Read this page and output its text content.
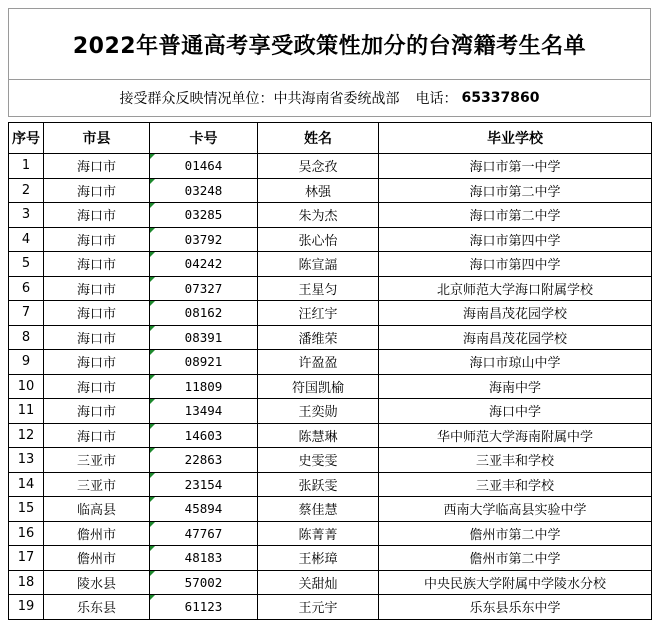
2022年普通高考享受政策性加分的台湾籍考生名单
接受群众反映情况单位：中共海南省委统战部 电话： 65337860
序号	市县	卡号	姓名	毕业学校
1	海口市	01464	吴念孜	海口市第一中学
2	海口市	03248	林强	海口市第二中学
3	海口市	03285	朱为杰	海口市第二中学
4	海口市	03792	张心怡	海口市第四中学
5	海口市	04242	陈宣諨	海口市第四中学
6	海口市	07327	王星匀	北京师范大学海口附属学校
7	海口市	08162	汪红宇	海南昌茂花园学校
8	海口市	08391	潘维荣	海南昌茂花园学校
9	海口市	08921	许盈盈	海口市琼山中学
10	海口市	11809	符国凯榆	海南中学
11	海口市	13494	王奕勋	海口中学
12	海口市	14603	陈慧琳	华中师范大学海南附属中学
13	三亚市	22863	史雯雯	三亚丰和学校
14	三亚市	23154	张跃雯	三亚丰和学校
15	临高县	45894	蔡佳慧	西南大学临高县实验中学
16	儋州市	47767	陈菁菁	儋州市第二中学
17	儋州市	48183	王彬璋	儋州市第二中学
18	陵水县	57002	关甜灿	中央民族大学附属中学陵水分校
19	乐东县	61123	王元宇	乐东县乐东中学
